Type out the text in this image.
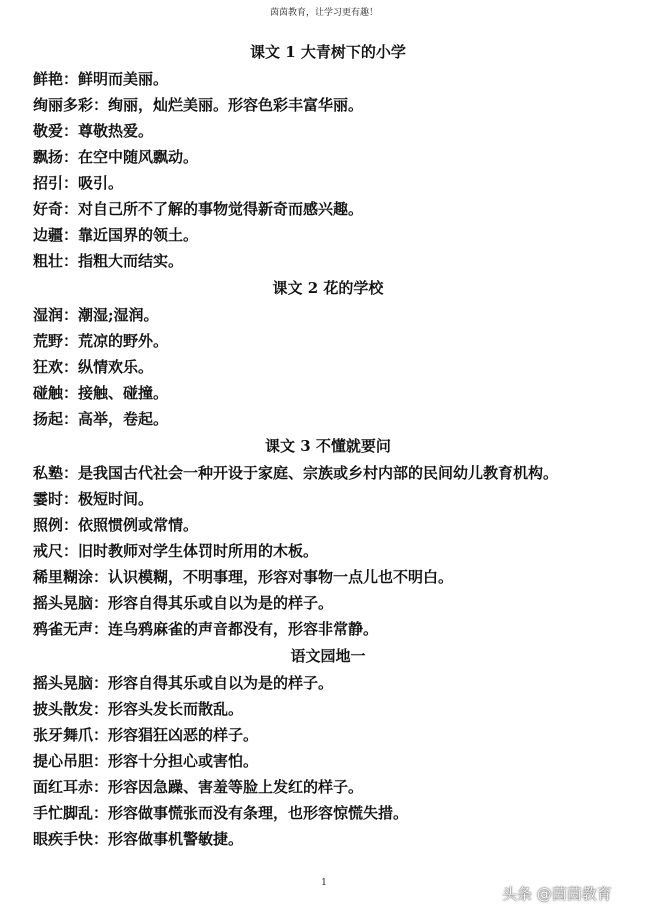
茵茵教育，让学习更有趣！
课文 1 大青树下的小学

鲜艳：鲜明而美丽。

绚丽多彩：绚丽，灿烂美丽。形容色彩丰富华丽。

敬爱：尊敬热爱。

飘扬：在空中随风飘动。

招引：吸引。

好奇：对自己所不了解的事物觉得新奇而感兴趣。

边疆：靠近国界的领土。

粗壮：指粗大而结实。

课文 2 花的学校

湿润：潮湿;湿润。

荒野：荒凉的野外。

狂欢：纵情欢乐。

碰触：接触、碰撞。

扬起：高举，卷起。

课文 3 不懂就要问

私塾：是我国古代社会一种开设于家庭、宗族或乡村内部的民间幼儿教育机构。

霎时：极短时间。

照例：依照惯例或常情。

戒尺：旧时教师对学生体罚时所用的木板。

稀里糊涂：认识模糊，不明事理，形容对事物一点儿也不明白。

摇头晃脑：形容自得其乐或自以为是的样子。

鸦雀无声：连乌鸦麻雀的声音都没有，形容非常静。

语文园地一

摇头晃脑：形容自得其乐或自以为是的样子。

披头散发：形容头发长而散乱。

张牙舞爪：形容猖狂凶恶的样子。

提心吊胆：形容十分担心或害怕。

面红耳赤：形容因急躁、害羞等脸上发红的样子。

手忙脚乱：形容做事慌张而没有条理，也形容惊慌失措。

眼疾手快：形容做事机警敏捷。

1
头条 @茵茵教育
